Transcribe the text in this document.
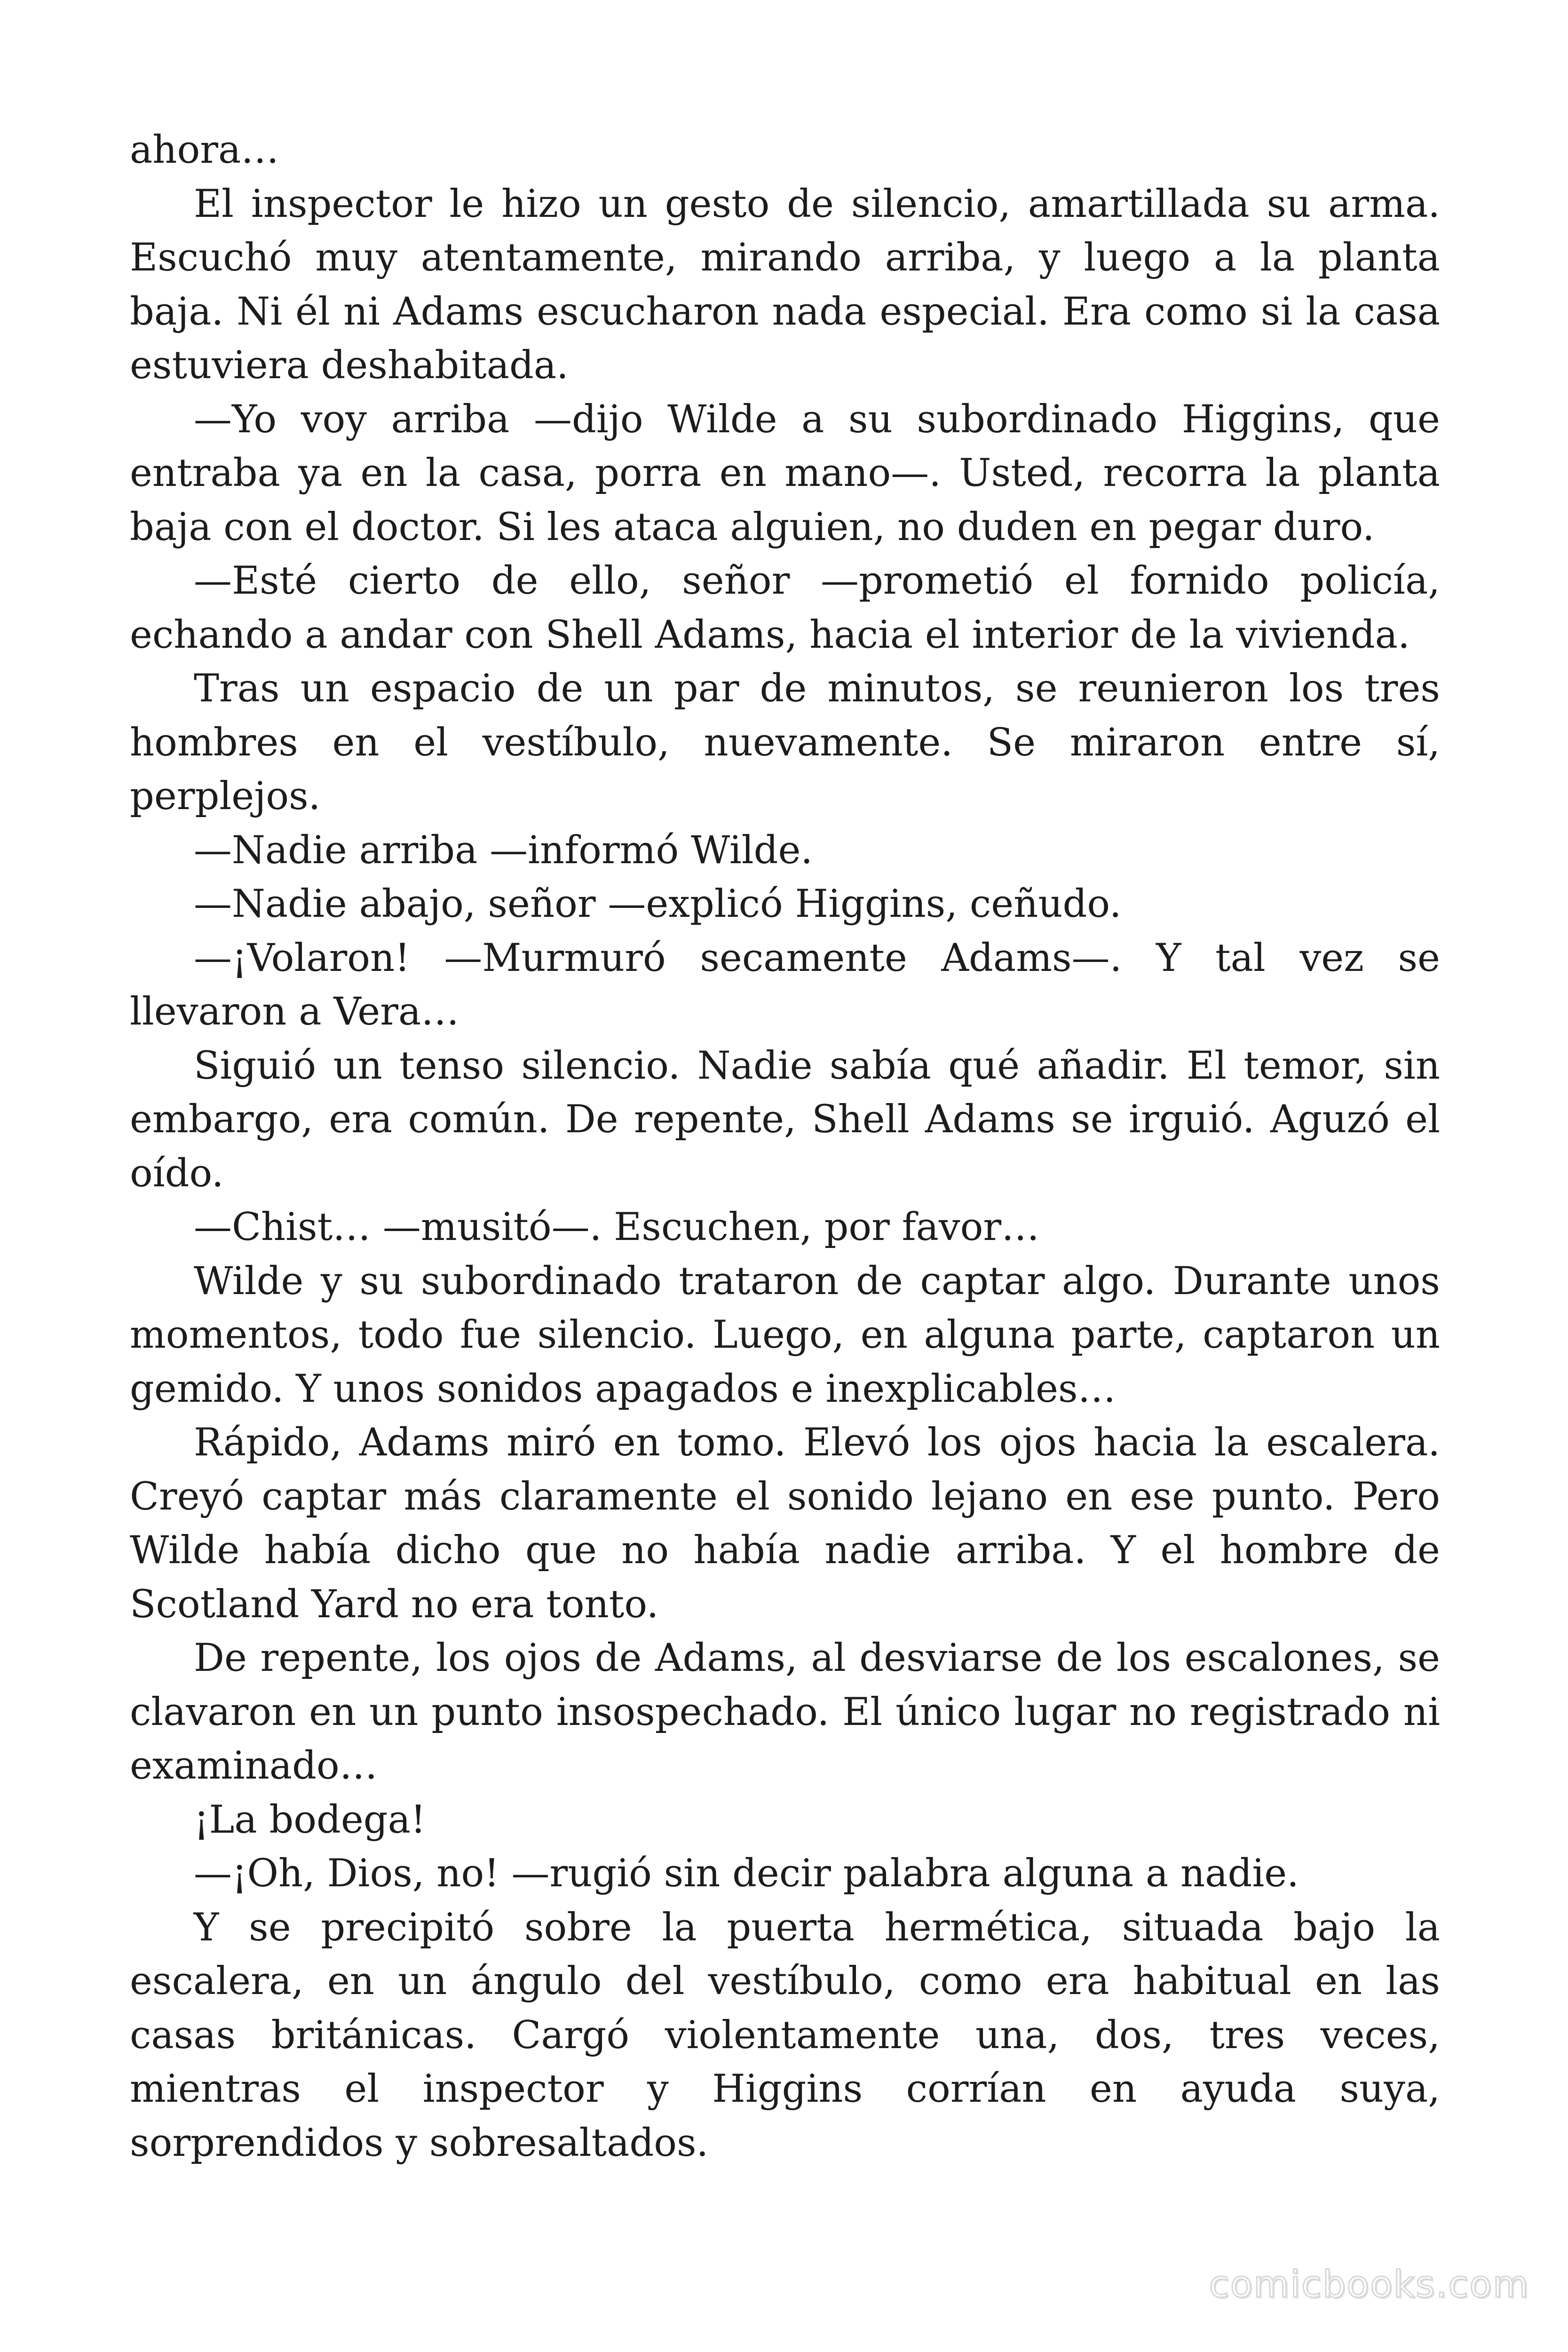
ahora…

El inspector le hizo un gesto de silencio, amartillada su arma. Escuchó muy atentamente, mirando arriba, y luego a la planta baja. Ni él ni Adams escucharon nada especial. Era como si la casa estuviera deshabitada.

—Yo voy arriba —dijo Wilde a su subordinado Higgins, que entraba ya en la casa, porra en mano—. Usted, recorra la planta baja con el doctor. Si les ataca alguien, no duden en pegar duro.

—Esté cierto de ello, señor —prometió el fornido policía, echando a andar con Shell Adams, hacia el interior de la vivienda.

Tras un espacio de un par de minutos, se reunieron los tres hombres en el vestíbulo, nuevamente. Se miraron entre sí, perplejos.

—Nadie arriba —informó Wilde.

—Nadie abajo, señor —explicó Higgins, ceñudo.

—¡Volaron! —Murmuró secamente Adams—. Y tal vez se llevaron a Vera…

Siguió un tenso silencio. Nadie sabía qué añadir. El temor, sin embargo, era común. De repente, Shell Adams se irguió. Aguzó el oído.

—Chist… —musitó—. Escuchen, por favor…

Wilde y su subordinado trataron de captar algo. Durante unos momentos, todo fue silencio. Luego, en alguna parte, captaron un gemido. Y unos sonidos apagados e inexplicables…

Rápido, Adams miró en tomo. Elevó los ojos hacia la escalera. Creyó captar más claramente el sonido lejano en ese punto. Pero Wilde había dicho que no había nadie arriba. Y el hombre de Scotland Yard no era tonto.

De repente, los ojos de Adams, al desviarse de los escalones, se clavaron en un punto insospechado. El único lugar no registrado ni examinado…

¡La bodega!

—¡Oh, Dios, no! —rugió sin decir palabra alguna a nadie.

Y se precipitó sobre la puerta hermética, situada bajo la escalera, en un ángulo del vestíbulo, como era habitual en las casas británicas. Cargó violentamente una, dos, tres veces, mientras el inspector y Higgins corrían en ayuda suya, sorprendidos y sobresaltados.

comicbooks.com
